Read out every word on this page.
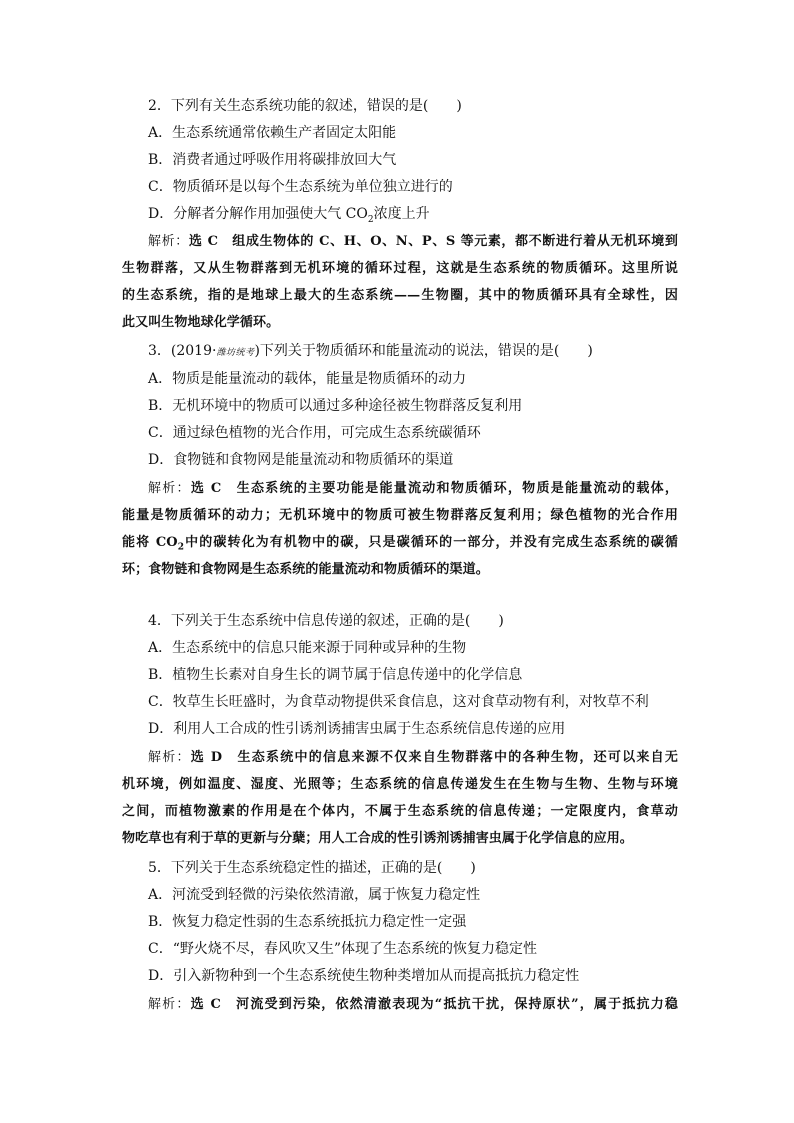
2．下列有关生态系统功能的叙述，错误的是(　　)
A．生态系统通常依赖生产者固定太阳能
B．消费者通过呼吸作用将碳排放回大气
C．物质循环是以每个生态系统为单位独立进行的
D．分解者分解作用加强使大气 $CO_2$浓度上升
解析：选 C　组成生物体的 C、H、O、N、P、S 等元素，都不断进行着从无机环境到
生物群落，又从生物群落到无机环境的循环过程，这就是生态系统的物质循环。这里所说
的生态系统，指的是地球上最大的生态系统——生物圈，其中的物质循环具有全球性，因
此又叫生物地球化学循环。
3．(2019·潍坊统考)下列关于物质循环和能量流动的说法，错误的是(　　)
A．物质是能量流动的载体，能量是物质循环的动力
B．无机环境中的物质可以通过多种途径被生物群落反复利用
C．通过绿色植物的光合作用，可完成生态系统碳循环
D．食物链和食物网是能量流动和物质循环的渠道
解析：选 C　生态系统的主要功能是能量流动和物质循环，物质是能量流动的载体，
能量是物质循环的动力；无机环境中的物质可被生物群落反复利用；绿色植物的光合作用
能将 $CO_2$中的碳转化为有机物中的碳，只是碳循环的一部分，并没有完成生态系统的碳循
环；食物链和食物网是生态系统的能量流动和物质循环的渠道。
4．下列关于生态系统中信息传递的叙述，正确的是(　　)
A．生态系统中的信息只能来源于同种或异种的生物
B．植物生长素对自身生长的调节属于信息传递中的化学信息
C．牧草生长旺盛时，为食草动物提供采食信息，这对食草动物有利，对牧草不利
D．利用人工合成的性引诱剂诱捕害虫属于生态系统信息传递的应用
解析：选 D　生态系统中的信息来源不仅来自生物群落中的各种生物，还可以来自无
机环境，例如温度、湿度、光照等；生态系统的信息传递发生在生物与生物、生物与环境
之间，而植物激素的作用是在个体内，不属于生态系统的信息传递；一定限度内，食草动
物吃草也有利于草的更新与分蘖；用人工合成的性引诱剂诱捕害虫属于化学信息的应用。
5．下列关于生态系统稳定性的描述，正确的是(　　)
A．河流受到轻微的污染依然清澈，属于恢复力稳定性
B．恢复力稳定性弱的生态系统抵抗力稳定性一定强
C．“野火烧不尽，春风吹又生”体现了生态系统的恢复力稳定性
D．引入新物种到一个生态系统使生物种类增加从而提高抵抗力稳定性
解析：选 C　河流受到污染，依然清澈表现为“抵抗干扰，保持原状”，属于抵抗力稳
